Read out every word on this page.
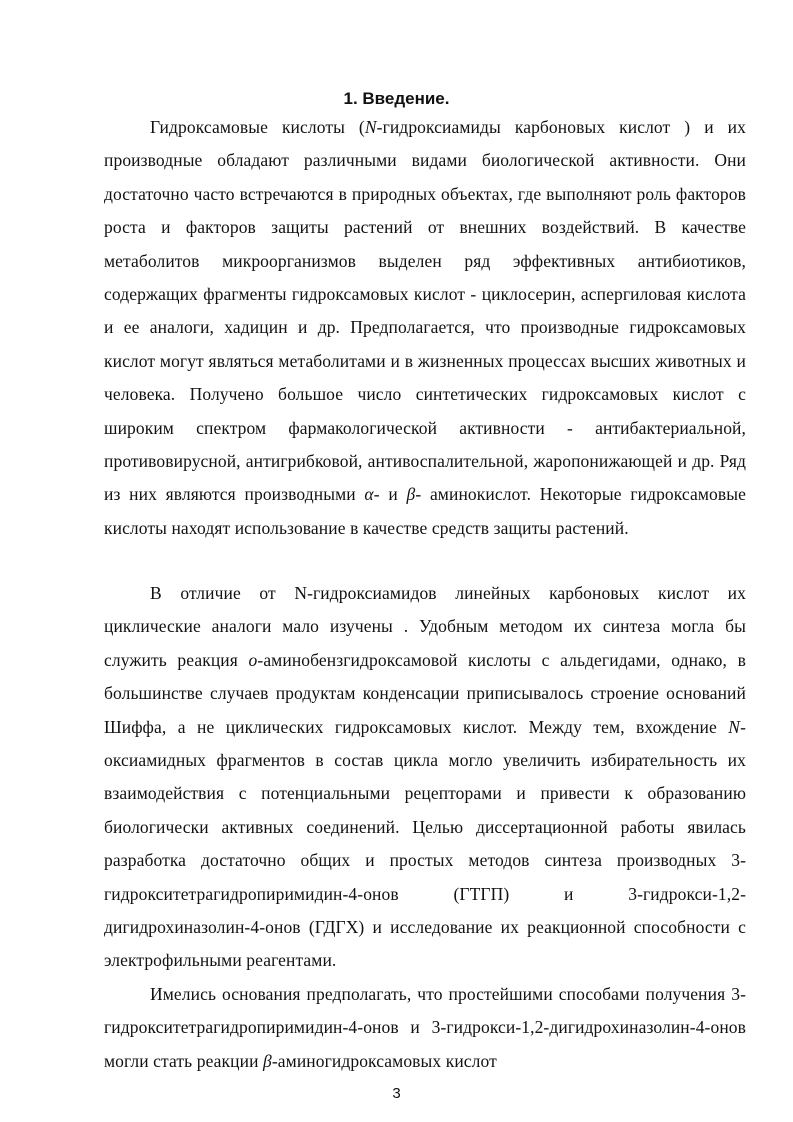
1. Введение.
Гидроксамовые кислоты (N-гидроксиамиды карбоновых кислот ) и их производные обладают различными видами биологической активности. Они достаточно часто встречаются в природных объектах, где выполняют роль факторов роста и факторов защиты растений от внешних воздействий. В качестве метаболитов микроорганизмов выделен ряд эффективных антибиотиков, содержащих фрагменты гидроксамовых кислот - циклосерин, аспергиловая кислота и ее аналоги, хадицин и др. Предполагается, что производные гидроксамовых кислот могут являться метаболитами и в жизненных процессах высших животных и человека. Получено большое число синтетических гидроксамовых кислот с широким спектром фармакологической активности - антибактериальной, противовирусной, антигрибковой, антивоспалительной, жаропонижающей и др. Ряд из них являются производными α- и β- аминокислот. Некоторые гидроксамовые кислоты находят использование в качестве средств защиты растений.
В отличие от N-гидроксиамидов линейных карбоновых кислот их циклические аналоги мало изучены . Удобным методом их синтеза могла бы служить реакция о-аминобензгидроксамовой кислоты с альдегидами, однако, в большинстве случаев продуктам конденсации приписывалось строение оснований Шиффа, а не циклических гидроксамовых кислот. Между тем, вхождение N-оксиамидных фрагментов в состав цикла могло увеличить избирательность их взаимодействия с потенциальными рецепторами и привести к образованию биологически активных соединений. Целью диссертационной работы явилась разработка достаточно общих и простых методов синтеза производных 3-гидрокситетрагидропиримидин-4-онов (ГТГП) и 3-гидрокси-1,2-дигидрохиназолин-4-онов (ГДГХ) и исследование их реакционной способности с электрофильными реагентами.
Имелись основания предполагать, что простейшими способами получения 3-гидрокситетрагидропиримидин-4-онов и 3-гидрокси-1,2-дигидрохиназолин-4-онов могли стать реакции β-аминогидроксамовых кислот
3
